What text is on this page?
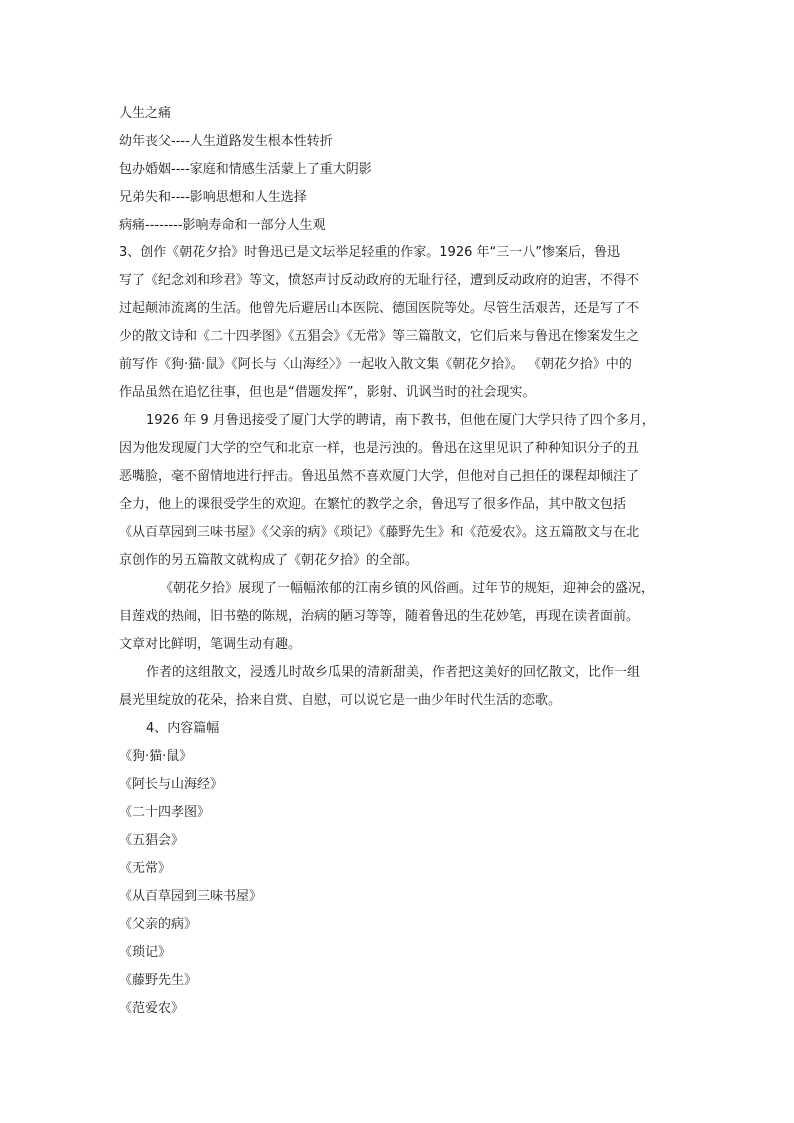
人生之痛
幼年丧父----人生道路发生根本性转折
包办婚姻----家庭和情感生活蒙上了重大阴影
兄弟失和----影响思想和人生选择
病痛--------影响寿命和一部分人生观
3、创作《朝花夕拾》时鲁迅已是文坛举足轻重的作家。1926 年“三一八”惨案后，鲁迅
写了《纪念刘和珍君》等文，愤怒声讨反动政府的无耻行径，遭到反动政府的迫害，不得不
过起颠沛流离的生活。他曾先后避居山本医院、德国医院等处。尽管生活艰苦，还是写了不
少的散文诗和《二十四孝图》《五猖会》《无常》等三篇散文，它们后来与鲁迅在惨案发生之
前写作《狗·猫·鼠》《阿长与〈山海经〉》一起收入散文集《朝花夕拾》。 《朝花夕拾》中的
作品虽然在追忆往事，但也是“借题发挥”，影射、讥讽当时的社会现实。
1926 年 9 月鲁迅接受了厦门大学的聘请，南下教书，但他在厦门大学只待了四个多月，
因为他发现厦门大学的空气和北京一样，也是污浊的。鲁迅在这里见识了种种知识分子的丑
恶嘴脸，毫不留情地进行抨击。鲁迅虽然不喜欢厦门大学，但他对自己担任的课程却倾注了
全力，他上的课很受学生的欢迎。在繁忙的教学之余，鲁迅写了很多作品，其中散文包括
《从百草园到三味书屋》《父亲的病》《琐记》《藤野先生》和《范爱农》。这五篇散文与在北
京创作的另五篇散文就构成了《朝花夕拾》的全部。
《朝花夕拾》展现了一幅幅浓郁的江南乡镇的风俗画。过年节的规矩，迎神会的盛况，
目莲戏的热闹，旧书塾的陈规，治病的陋习等等，随着鲁迅的生花妙笔，再现在读者面前。
文章对比鲜明，笔调生动有趣。
作者的这组散文，浸透儿时故乡瓜果的清新甜美，作者把这美好的回忆散文，比作一组
晨光里绽放的花朵，拾来自赏、自慰，可以说它是一曲少年时代生活的恋歌。
4、内容篇幅
《狗·猫·鼠》
《阿长与山海经》
《二十四孝图》
《五猖会》
《无常》
《从百草园到三味书屋》
《父亲的病》
《琐记》
《藤野先生》
《范爱农》
